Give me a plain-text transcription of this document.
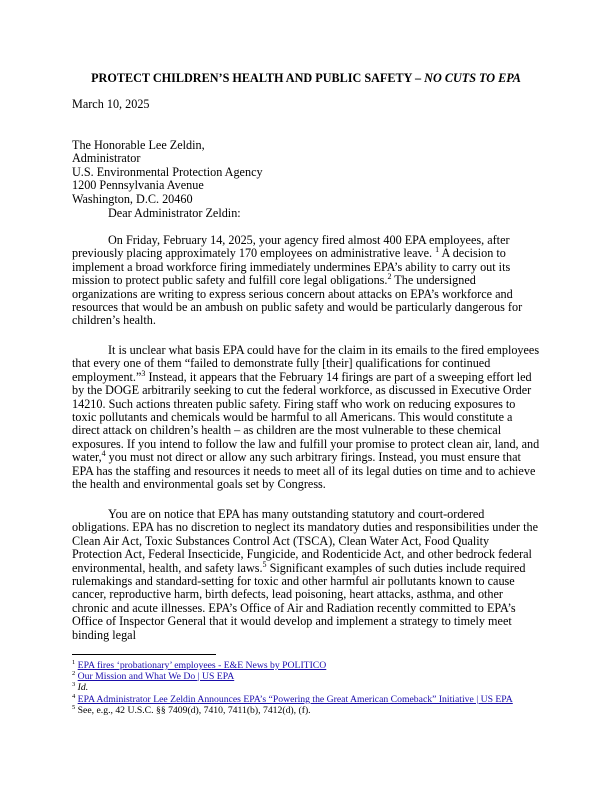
PROTECT CHILDREN’S HEALTH AND PUBLIC SAFETY – NO CUTS TO EPA
March 10, 2025
The Honorable Lee Zeldin,
Administrator
U.S. Environmental Protection Agency
1200 Pennsylvania Avenue
Washington, D.C. 20460
Dear Administrator Zeldin:

On Friday, February 14, 2025, your agency fired almost 400 EPA employees, after previously placing approximately 170 employees on administrative leave. $^1$ A decision to implement a broad workforce firing immediately undermines EPA’s ability to carry out its mission to protect public safety and fulfill core legal obligations.$^2$ The undersigned organizations are writing to express serious concern about attacks on EPA’s workforce and resources that would be an ambush on public safety and would be particularly dangerous for children’s health.

It is unclear what basis EPA could have for the claim in its emails to the fired employees that every one of them “failed to demonstrate fully [their] qualifications for continued employment.”$^3$ Instead, it appears that the February 14 firings are part of a sweeping effort led by the DOGE arbitrarily seeking to cut the federal workforce, as discussed in Executive Order 14210. Such actions threaten public safety. Firing staff who work on reducing exposures to toxic pollutants and chemicals would be harmful to all Americans. This would constitute a direct attack on children’s health – as children are the most vulnerable to these chemical exposures. If you intend to follow the law and fulfill your promise to protect clean air, land, and water,$^4$ you must not direct or allow any such arbitrary firings. Instead, you must ensure that EPA has the staffing and resources it needs to meet all of its legal duties on time and to achieve the health and environmental goals set by Congress.

You are on notice that EPA has many outstanding statutory and court-ordered obligations. EPA has no discretion to neglect its mandatory duties and responsibilities under the Clean Air Act, Toxic Substances Control Act (TSCA), Clean Water Act, Food Quality Protection Act, Federal Insecticide, Fungicide, and Rodenticide Act, and other bedrock federal environmental, health, and safety laws.$^5$ Significant examples of such duties include required rulemakings and standard-setting for toxic and other harmful air pollutants known to cause cancer, reproductive harm, birth defects, lead poisoning, heart attacks, asthma, and other chronic and acute illnesses. EPA’s Office of Air and Radiation recently committed to EPA’s Office of Inspector General that it would develop and implement a strategy to timely meet binding legal

$^1$ EPA fires ‘probationary’ employees - E&E News by POLITICO
$^2$ Our Mission and What We Do | US EPA
$^3$ Id.
$^4$ EPA Administrator Lee Zeldin Announces EPA’s “Powering the Great American Comeback” Initiative | US EPA
$^5$ See, e.g., 42 U.S.C. §§ 7409(d), 7410, 7411(b), 7412(d), (f).
